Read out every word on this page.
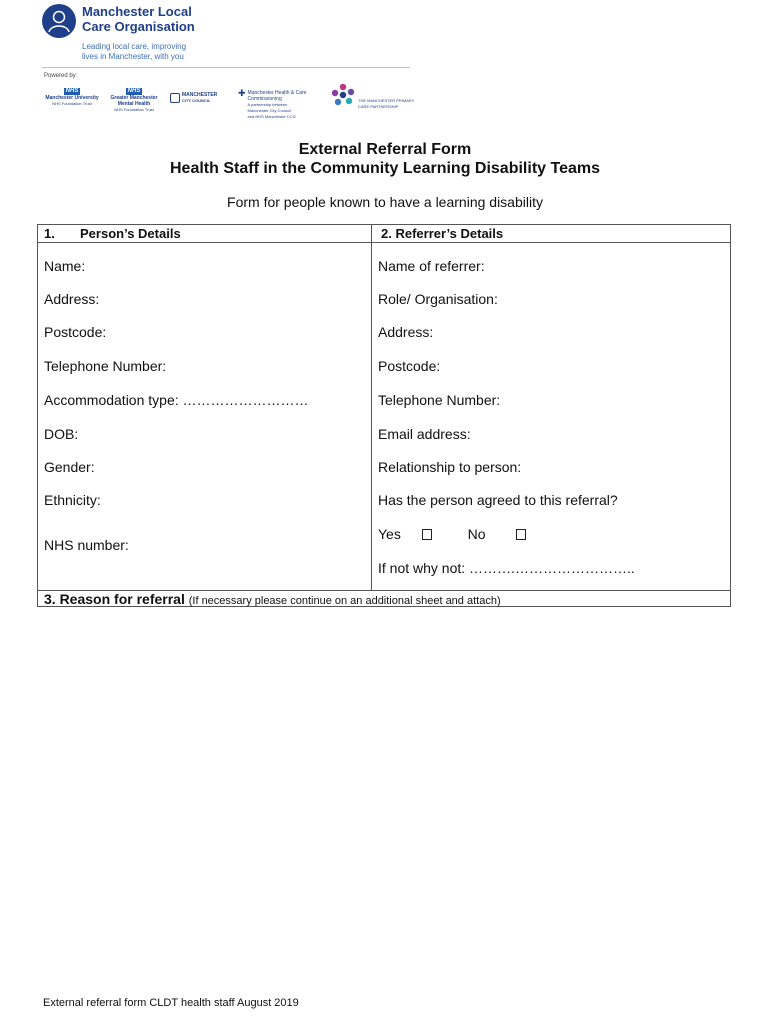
Manchester Local
Care Organisation
Leading local care, improving
lives in Manchester, with you
Powered by:
NHS
Manchester University
NHS Foundation Trust
NHS
Greater Manchester
Mental Health
NHS Foundation Trust
MANCHESTER
CITY COUNCIL
✚ Manchester Health & Care
Commissioning
A partnership between
Manchester City Council
and NHS Manchester CCG
THE MANCHESTER PRIMARY
CARE PARTNERSHIP
External Referral Form
Health Staff in the Community Learning Disability Teams
Form for people known to have a learning disability
1. Person’s Details	2. Referrer’s Details
Name:
Address:
Postcode:
Telephone Number:
Accommodation type: ………………………
DOB:
Gender:
Ethnicity:
NHS number:
Name of referrer:
Role/ Organisation:
Address:
Postcode:
Telephone Number:
Email address:
Relationship to person:
Has the person agreed to this referral?
Yes	No
If not why not: ……….……………………..
3. Reason for referral (If necessary please continue on an additional sheet and attach)
External referral form CLDT health staff August 2019
